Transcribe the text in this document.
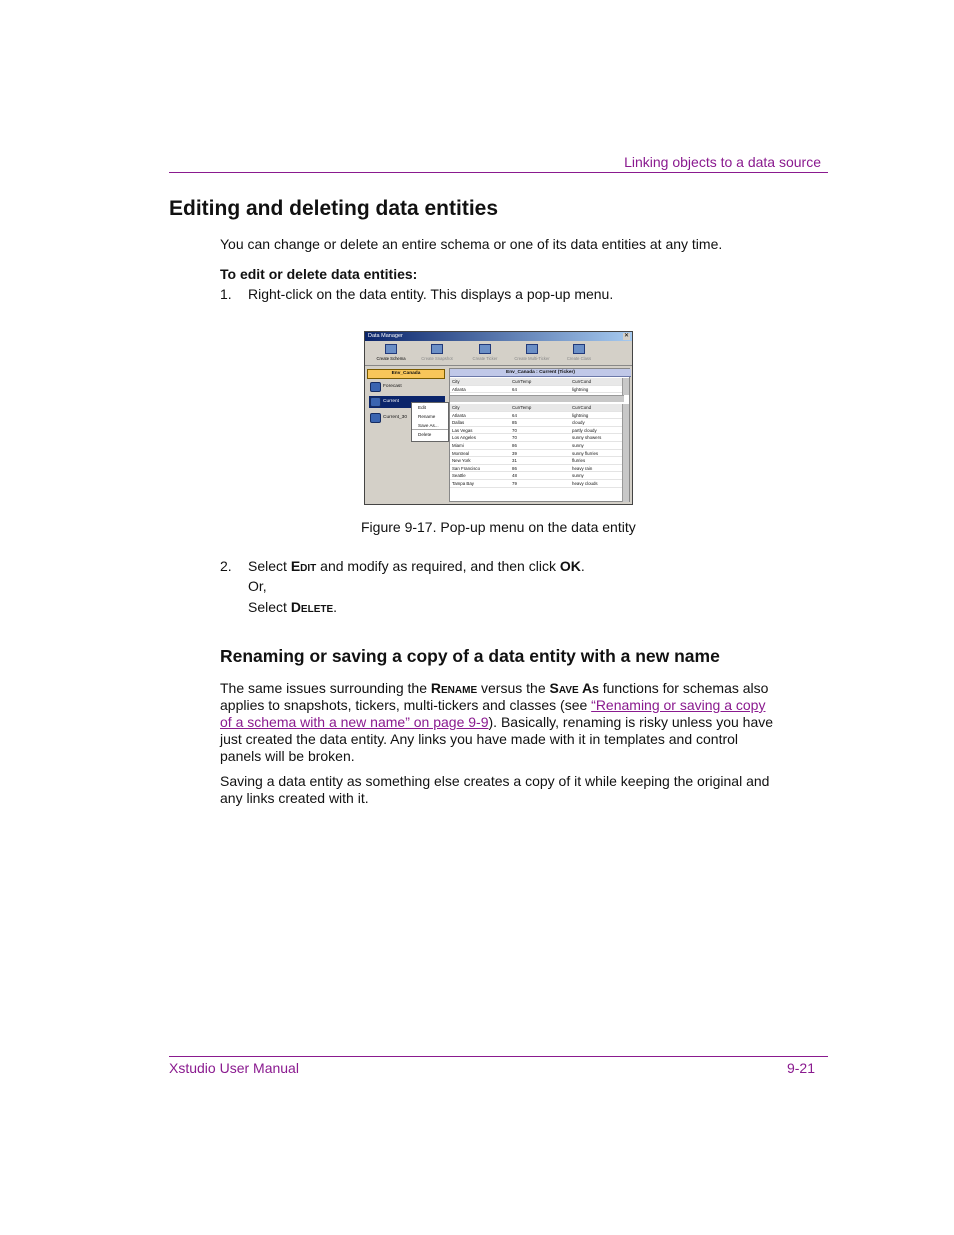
Linking objects to a data source
Editing and deleting data entities
You can change or delete an entire schema or one of its data entities at any time.
To edit or delete data entities:
1. Right-click on the data entity. This displays a pop-up menu.
Data Manager	✕
Create Schema	Create Snapshot	Create Ticker	Create Multi-Ticker	Create Class
Env_Canada
Forecast
Current
Current_30
Env_Canada : Current (Ticker)
City	CurrTemp	CurrCond
Atlanta	64	lightning
City	CurrTemp	CurrCond
Atlanta	64	lightning
Dallas	85	cloudy
Las Vegas	70	partly cloudy
Los Angeles	70	sunny showers
Miami	86	sunny
Montreal	39	sunny flurries
New York	31	flurries
San Francisco	86	heavy rain
Seattle	48	sunny
Tampa Bay	79	heavy clouds
Edit
Rename
Save As...
Delete
Figure 9-17. Pop-up menu on the data entity
2. Select Edit and modify as required, and then click OK.
Or,
Select Delete.
Renaming or saving a copy of a data entity with a new name
The same issues surrounding the Rename versus the Save As functions for schemas also applies to snapshots, tickers, multi-tickers and classes (see “Renaming or saving a copy of a schema with a new name” on page 9-9). Basically, renaming is risky unless you have just created the data entity. Any links you have made with it in templates and control panels will be broken.
Saving a data entity as something else creates a copy of it while keeping the original and any links created with it.
Xstudio User Manual	9-21
